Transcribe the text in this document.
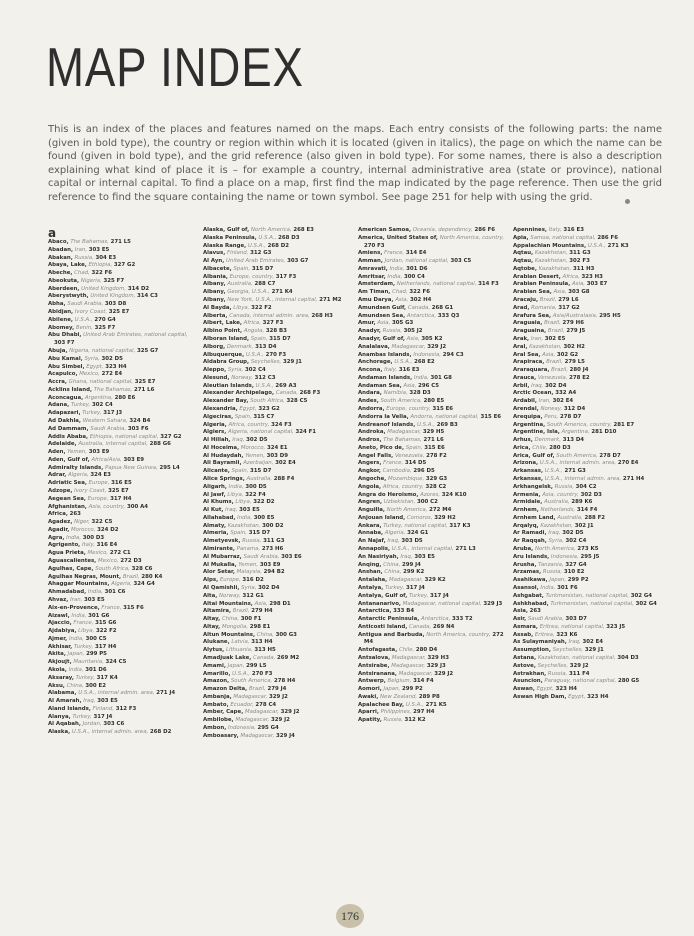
MAP INDEX
This is an index of the places and features named on the maps. Each entry consists of the following parts: the name (given in bold type), the country or region within which it is located (given in italics), the page on which the name can be found (given in bold type), and the grid reference (also given in bold type). For some names, there is also a description explaining what kind of place it is – for example a country, internal administrative area (state or province), national capital or internal capital. To find a place on a map, first find the map indicated by the page reference. Then use the grid reference to find the square containing the name or town symbol. See page 251 for help with using the grid.
a
Abaco, The Bahamas, 271 L5
Abadan, Iran, 303 E5
Abakan, Russia, 304 E3
Abaya, Lake, Ethiopia, 327 G2
Abeche, Chad, 322 F6
Abeokuta, Nigeria, 325 F7
Aberdeen, United Kingdom, 314 D2
Aberystwyth, United Kingdom, 314 C3
Abha, Saudi Arabia, 303 D8
Abidjan, Ivory Coast, 325 E7
Abilene, U.S.A., 270 G4
Abomey, Benin, 325 F7
Abu Dhabi, United Arab Emirates, national capital, 303 F7
Abuja, Nigeria, national capital, 325 G7
Abu Kamal, Syria, 302 D5
Abu Simbel, Egypt, 323 H4
Acapulco, Mexico, 272 E4
Accra, Ghana, national capital, 325 E7
Acklins Island, The Bahamas, 271 L6
Aconcagua, Argentina, 280 E6
Adana, Turkey, 302 C4
Adapazari, Turkey, 317 J3
Ad Dakhla, Western Sahara, 324 B4
Ad Dammam, Saudi Arabia, 303 F6
Addis Ababa, Ethiopia, national capital, 327 G2
Adelaide, Australia, internal capital, 288 G6
Aden, Yemen, 303 E9
Aden, Gulf of, Africa/Asia, 303 E9
Admiralty Islands, Papua New Guinea, 295 L4
Adrar, Algeria, 324 E3
Adriatic Sea, Europe, 316 E5
Adzope, Ivory Coast, 325 E7
Aegean Sea, Europe, 317 H4
Afghanistan, Asia, country, 300 A4
Africa, 263
Agadez, Niger, 322 C5
Agadir, Morocco, 324 D2
Agra, India, 300 D3
Agrigento, Italy, 316 E4
Agua Prieta, Mexico, 272 C1
Aguascalientes, Mexico, 272 D3
Agulhas, Cape, South Africa, 328 C6
Agulhas Negras, Mount, Brazil, 280 K4
Ahaggar Mountains, Algeria, 324 G4
Ahmadabad, India, 301 C6
Ahvaz, Iran, 303 E5
Aix-en-Provence, France, 315 F6
Aizawl, India, 301 G6
Ajaccio, France, 315 G6
Ajdabiya, Libya, 322 F2
Ajmer, India, 300 C5
Akhisar, Turkey, 317 H4
Akita, Japan, 299 P5
Akjoujt, Mauritania, 324 C5
Akola, India, 301 D6
Aksaray, Turkey, 317 K4
Aksu, China, 300 E2
Alabama, U.S.A., internal admin. area, 271 J4
Al Amarah, Iraq, 303 E5
Aland Islands, Finland, 312 F3
Alanya, Turkey, 317 J4
Al Aqabah, Jordan, 303 C6
Alaska, U.S.A., internal admin. area, 268 D2
Alaska, Gulf of, North America, 268 E3
Alaska Peninsula, U.S.A., 268 D3
Alaska Range, U.S.A., 268 D2
Alavus, Finland, 312 G3
Al Ayn, United Arab Emirates, 303 G7
Albacete, Spain, 315 D7
Albania, Europe, country, 317 F3
Albany, Australia, 288 C7
Albany, Georgia, U.S.A., 271 K4
Albany, New York, U.S.A., internal capital, 271 M2
Al Bayda, Libya, 322 F2
Alberta, Canada, internal admin. area, 268 H3
Albert, Lake, Africa, 327 F3
Albino Point, Angola, 328 B3
Alboran Island, Spain, 315 D7
Alborg, Denmark, 313 D4
Albuquerque, U.S.A., 270 F3
Aldabra Group, Seychelles, 329 J1
Aleppo, Syria, 302 C4
Alesund, Norway, 312 C3
Aleutian Islands, U.S.A., 269 A3
Alexander Archipelago, Canada, 268 F3
Alexander Bay, South Africa, 328 C5
Alexandria, Egypt, 323 G2
Algeciras, Spain, 315 C7
Algeria, Africa, country, 324 F3
Algiers, Algeria, national capital, 324 F1
Al Hillah, Iraq, 302 D5
Al Hoceima, Morocco, 324 E1
Al Hudaydah, Yemen, 303 D9
Ali Bayramli, Azerbaijan, 302 E4
Alicante, Spain, 315 D7
Alice Springs, Australia, 288 F4
Aligarh, India, 300 D5
Al Jawf, Libya, 322 F4
Al Khums, Libya, 322 D2
Al Kut, Iraq, 303 E5
Allahabad, India, 300 E5
Almaty, Kazakhstan, 300 D2
Almeria, Spain, 315 D7
Almetyevsk, Russia, 311 G3
Almirante, Panama, 273 H6
Al Mubarraz, Saudi Arabia, 303 E6
Al Mukalla, Yemen, 303 E9
Alor Setar, Malaysia, 294 B2
Alps, Europe, 316 D2
Al Qamishli, Syria, 302 D4
Alta, Norway, 312 G1
Altai Mountains, Asia, 298 D1
Altamira, Brazil, 279 H4
Altay, China, 300 F1
Altay, Mongolia, 298 E1
Altun Mountains, China, 300 G3
Alukane, Latvia, 313 H4
Alytus, Lithuania, 313 H5
Amadjuak Lake, Canada, 269 M2
Amami, Japan, 299 L5
Amarillo, U.S.A., 270 F3
Amazon, South America, 278 H4
Amazon Delta, Brazil, 279 J4
Ambanja, Madagascar, 329 J2
Ambato, Ecuador, 278 C4
Amber, Cape, Madagascar, 329 J2
Ambilobe, Madagascar, 329 J2
Ambon, Indonesia, 295 G4
Amboasary, Madagascar, 329 J4
American Samoa, Oceania, dependency, 286 F6
America, United States of, North America, country, 270 F3
Amiens, France, 314 E4
Amman, Jordan, national capital, 303 C5
Amravati, India, 301 D6
Amritsar, India, 300 C4
Amsterdam, Netherlands, national capital, 314 F3
Am Timan, Chad, 322 F6
Amu Darya, Asia, 302 H4
Amundsen Gulf, Canada, 268 G1
Amundsen Sea, Antarctica, 333 Q3
Amur, Asia, 305 G3
Anadyr, Russia, 305 J2
Anadyr, Gulf of, Asia, 305 K2
Analalava, Madagascar, 329 J2
Anambas Islands, Indonesia, 294 C3
Anchorage, U.S.A., 268 E2
Ancona, Italy, 316 E3
Andaman Islands, India, 301 G8
Andaman Sea, Asia, 296 C5
Andara, Namibia, 328 D3
Andes, South America, 280 E5
Andorra, Europe, country, 315 E6
Andorra la Vella, Andorra, national capital, 315 E6
Andreanof Islands, U.S.A., 269 B3
Androka, Madagascar, 329 H5
Andros, The Bahamas, 271 L6
Aneto, Pico de, Spain, 315 E6
Angel Falls, Venezuela, 278 F2
Angers, France, 314 D5
Angkor, Cambodia, 296 D5
Angoche, Mozambique, 329 G3
Angola, Africa, country, 328 C2
Angra do Heroismo, Azores, 324 K10
Angren, Uzbekistan, 300 C2
Anguilla, North America, 272 M4
Anjouan Island, Comoros, 329 H2
Ankara, Turkey, national capital, 317 K3
Annaba, Algeria, 324 G1
An Najaf, Iraq, 303 D5
Annapolis, U.S.A., internal capital, 271 L3
An Nasiriyah, Iraq, 303 E5
Anqing, China, 299 J4
Anshan, China, 299 K2
Antalaha, Madagascar, 329 K2
Antalya, Turkey, 317 J4
Antalya, Gulf of, Turkey, 317 J4
Antananarivo, Madagascar, national capital, 329 J3
Antarctica, 333 B4
Antarctic Peninsula, Antarctica, 333 T2
Anticosti Island, Canada, 269 N4
Antigua and Barbuda, North America, country, 272 M4
Antofagasta, Chile, 280 D4
Antsalova, Madagascar, 329 H3
Antsirabe, Madagascar, 329 J3
Antsiranana, Madagascar, 329 J2
Antwerp, Belgium, 314 F4
Aomori, Japan, 299 P2
Awaki, New Zealand, 289 P8
Apalachee Bay, U.S.A., 271 K5
Aparri, Philippines, 297 H4
Apatity, Russia, 312 K2
Apennines, Italy, 316 E3
Apia, Samoa, national capital, 286 F6
Appalachian Mountains, U.S.A., 271 K3
Aqtau, Kazakhstan, 311 G3
Aqtau, Kazakhstan, 302 F3
Aqtobe, Kazakhstan, 311 H3
Arabian Desert, Africa, 323 H3
Arabian Peninsula, Asia, 303 E7
Arabian Sea, Asia, 303 G8
Aracaju, Brazil, 279 L6
Arad, Romania, 317 G2
Arafura Sea, Asia/Australasia, 295 H5
Araguaia, Brazil, 279 H6
Araguaina, Brazil, 279 J5
Arak, Iran, 302 E5
Aral, Kazakhstan, 302 H2
Aral Sea, Asia, 302 G2
Arapiraca, Brazil, 279 L5
Araraquara, Brazil, 280 J4
Arauca, Venezuela, 278 E2
Arbil, Iraq, 302 D4
Arctic Ocean, 332 A4
Ardabil, Iran, 302 E4
Arendal, Norway, 312 D4
Arequipa, Peru, 278 D7
Argentina, South America, country, 281 E7
Argentine, Isla, Argentina, 281 D10
Arhus, Denmark, 313 D4
Arica, Chile, 280 D3
Arica, Gulf of, South America, 278 D7
Arizona, U.S.A., internal admin. area, 270 E4
Arkansas, U.S.A., 271 G3
Arkansas, U.S.A., internal admin. area, 271 H4
Arkhangelsk, Russia, 304 C2
Armenia, Asia, country, 302 D3
Armidale, Australia, 289 K6
Arnhem, Netherlands, 314 F4
Arnhem Land, Australia, 288 F2
Arqalyq, Kazakhstan, 302 J1
Ar Ramadi, Iraq, 302 D5
Ar Raqqah, Syria, 302 C4
Aruba, North America, 273 K5
Aru Islands, Indonesia, 295 J5
Arusha, Tanzania, 327 G4
Arzamas, Russia, 310 E2
Asahikawa, Japan, 299 P2
Asansol, India, 301 F6
Ashgabat, Turkmenistan, national capital, 302 G4
Ashkhabad, Turkmenistan, national capital, 302 G4
Asia, 263
Asir, Saudi Arabia, 303 D7
Asmara, Eritrea, national capital, 323 J5
Assab, Eritrea, 323 K6
As Sulaymaniyah, Iraq, 302 E4
Assumption, Seychelles, 329 J1
Astana, Kazakhstan, national capital, 304 D3
Astove, Seychelles, 329 J2
Astrakhan, Russia, 311 F4
Asuncion, Paraguay, national capital, 280 G5
Aswan, Egypt, 323 H4
Aswan High Dam, Egypt, 323 H4
176
